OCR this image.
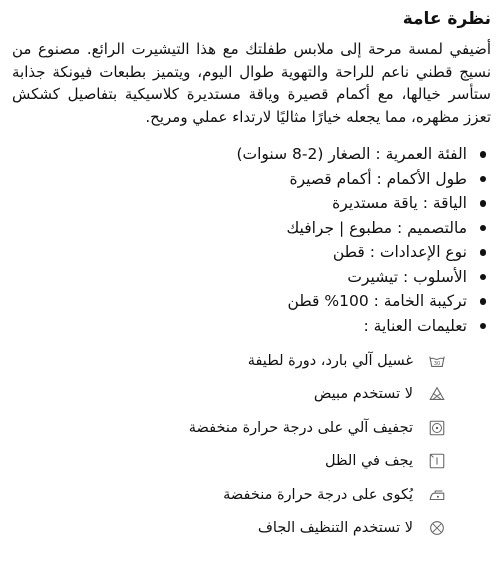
نظرة عامة

أضيفي لمسة مرحة إلى ملابس طفلتك مع هذا التيشيرت الرائع. مصنوع من نسيج قطني ناعم للراحة والتهوية طوال اليوم، ويتميز بطبعات فيونكة جذابة ستأسر خيالها، مع أكمام قصيرة وياقة مستديرة كلاسيكية بتفاصيل كشكش تعزز مظهره، مما يجعله خيارًا مثاليًا لارتداء عملي ومريح.

الفئة العمرية : الصغار (2-8 سنوات)
طول الأكمام : أكمام قصيرة
الياقة : ياقة مستديرة
مالتصميم : مطبوع | جرافيك
نوع الإعدادات : قطن
الأسلوب : تيشيرت
تركيبة الخامة : 100% قطن
تعليمات العناية :
30
غسيل آلي بارد، دورة لطيفة
لا تستخدم مبيض
تجفيف آلي على درجة حرارة منخفضة
يجف في الظل
يُكوى على درجة حرارة منخفضة
لا تستخدم التنظيف الجاف
